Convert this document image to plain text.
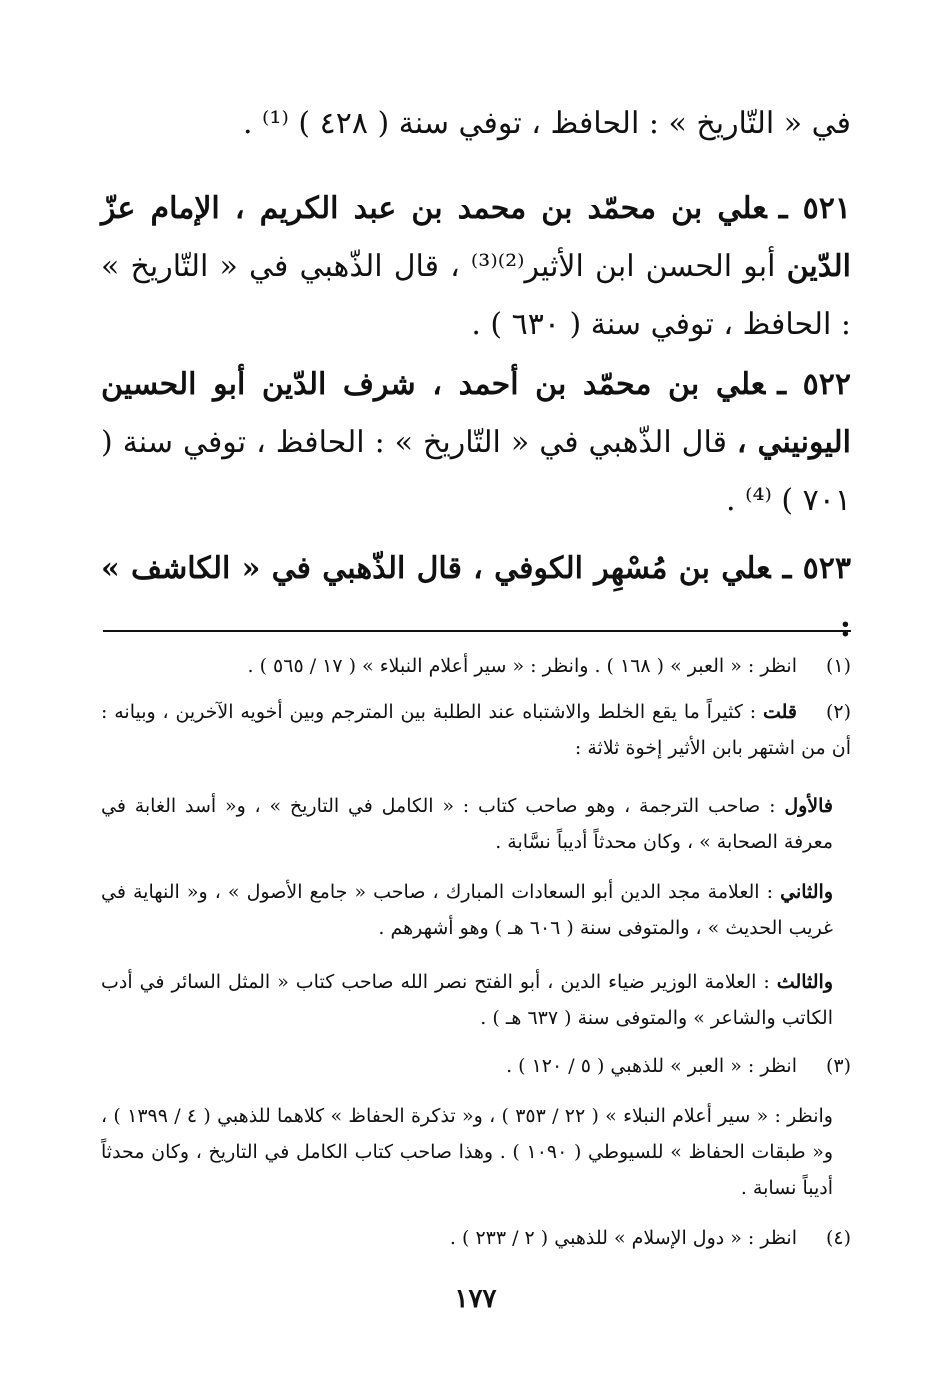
في « التّاريخ » : الحافظ ، توفي سنة ( ٤٢٨ ) ⁽¹⁾ .

٥٢١ ـعلي بن محمّد بن محمد بن عبد الكريم ، الإمام عزّ الدّين أبو الحسن ابن الأثير⁽²⁾⁽³⁾ ، قال الذّهبي في « التّاريخ » : الحافظ ، توفي سنة ( ٦٣٠ ) .
٥٢٢ ـعلي بن محمّد بن أحمد ، شرف الدّين أبو الحسين اليونيني ، قال الذّهبي في « التّاريخ » : الحافظ ، توفي سنة ( ٧٠١ ) ⁽⁴⁾ .
٥٢٣ ـعلي بن مُسْهِر الكوفي ، قال الذّهبي في « الكاشف » :
(١)انظر : « العبر » ( ١٦٨ ) . وانظر : « سير أعلام النبلاء » ( ١٧ / ٥٦٥ ) .
(٢)قلت : كثيراً ما يقع الخلط والاشتباه عند الطلبة بين المترجم وبين أخويه الآخرين ، وبيانه : أن من اشتهر بابن الأثير إخوة ثلاثة :
فالأول : صاحب الترجمة ، وهو صاحب كتاب : « الكامل في التاريخ » ، و« أسد الغابة في معرفة الصحابة » ، وكان محدثاً أديباً نسَّابة .
والثاني : العلامة مجد الدين أبو السعادات المبارك ، صاحب « جامع الأصول » ، و« النهاية في غريب الحديث » ، والمتوفى سنة ( ٦٠٦ هـ ) وهو أشهرهم .
والثالث : العلامة الوزير ضياء الدين ، أبو الفتح نصر الله صاحب كتاب « المثل السائر في أدب الكاتب والشاعر » والمتوفى سنة ( ٦٣٧ هـ ) .
(٣)انظر : « العبر » للذهبي ( ٥ / ١٢٠ ) .
وانظر : « سير أعلام النبلاء » ( ٢٢ / ٣٥٣ ) ، و« تذكرة الحفاظ » كلاهما للذهبي ( ٤ / ١٣٩٩ ) ، و« طبقات الحفاظ » للسيوطي ( ١٠٩٠ ) . وهذا صاحب كتاب الكامل في التاريخ ، وكان محدثاً أديباً نسابة .
(٤)انظر : « دول الإسلام » للذهبي ( ٢ / ٢٣٣ ) .
١٧٧
